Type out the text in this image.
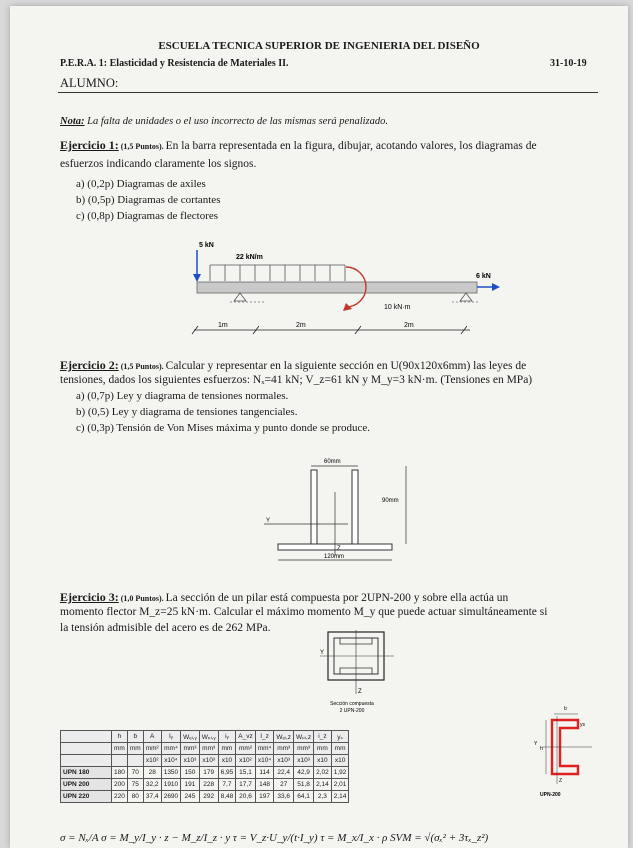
ESCUELA TECNICA SUPERIOR DE INGENIERIA DEL DISEÑO
P.E.R.A. 1: Elasticidad y Resistencia de Materiales II.	31-10-19
ALUMNO:
Nota: La falta de unidades o el uso incorrecto de las mismas será penalizado.
Ejercicio 1: (1,5 Puntos). En la barra representada en la figura, dibujar, acotando valores, los diagramas de
esfuerzos indicando claramente los signos.
a) (0,2p) Diagramas de axiles
b) (0,5p) Diagramas de cortantes
c) (0,8p) Diagramas de flectores
5 kN
22 kN/m
10 kN·m
6 kN
1m	2m	2m
Ejercicio 2: (1,5 Puntos). Calcular y representar en la siguiente sección en U(90x120x6mm) las leyes de
tensiones, dados los siguientes esfuerzos: Nₓ=41 kN; V_z=61 kN y M_y=3 kN·m. (Tensiones en MPa)
a) (0,7p) Ley y diagrama de tensiones normales.
b) (0,5) Ley y diagrama de tensiones tangenciales.
c) (0,3p) Tensión de Von Mises máxima y punto donde se produce.
60mm
90mm
Y
Z
120mm
Ejercicio 3: (1,0 Puntos). La sección de un pilar está compuesta por 2UPN-200 y sobre ella actúa un
momento flector M_z=25 kN·m. Calcular el máximo momento M_y que puede actuar simultáneamente si
la tensión admisible del acero es de 262 MPa.
Y
Z
Sección compuesta
2 UPN-200	b
Y
Z
h
ys
UPN-200
	h	b	A	Iᵧ	Wₑₗ,ᵧ	Wₚₗ,ᵧ	iᵧ	A_vz	I_z	Wₑₗ,z	Wₚₗ,z	i_z	yₛ
	mm	mm	mm²	mm⁴	mm³	mm³	mm	mm²	mm⁴	mm³	mm³	mm	mm
			x10²	x10⁴	x10³	x10³	x10	x10²	x10⁴	x10³	x10³	x10	x10
UPN 180	180	70	28	1350	150	179	6,95	15,1	114	22,4	42,9	2,02	1,92
UPN 200	200	75	32,2	1910	191	228	7,7	17,7	148	27	51,8	2,14	2,01
UPN 220	220	80	37,4	2690	245	292	8,48	20,6	197	33,6	64,1	2,3	2,14
σ = Nₓ/A σ = M_y/I_y · z − M_z/I_z · y τ = V_z·U_y/(t·I_y) τ = M_x/I_x · ρ SVM = √(σₓ² + 3τₓ_z²)
